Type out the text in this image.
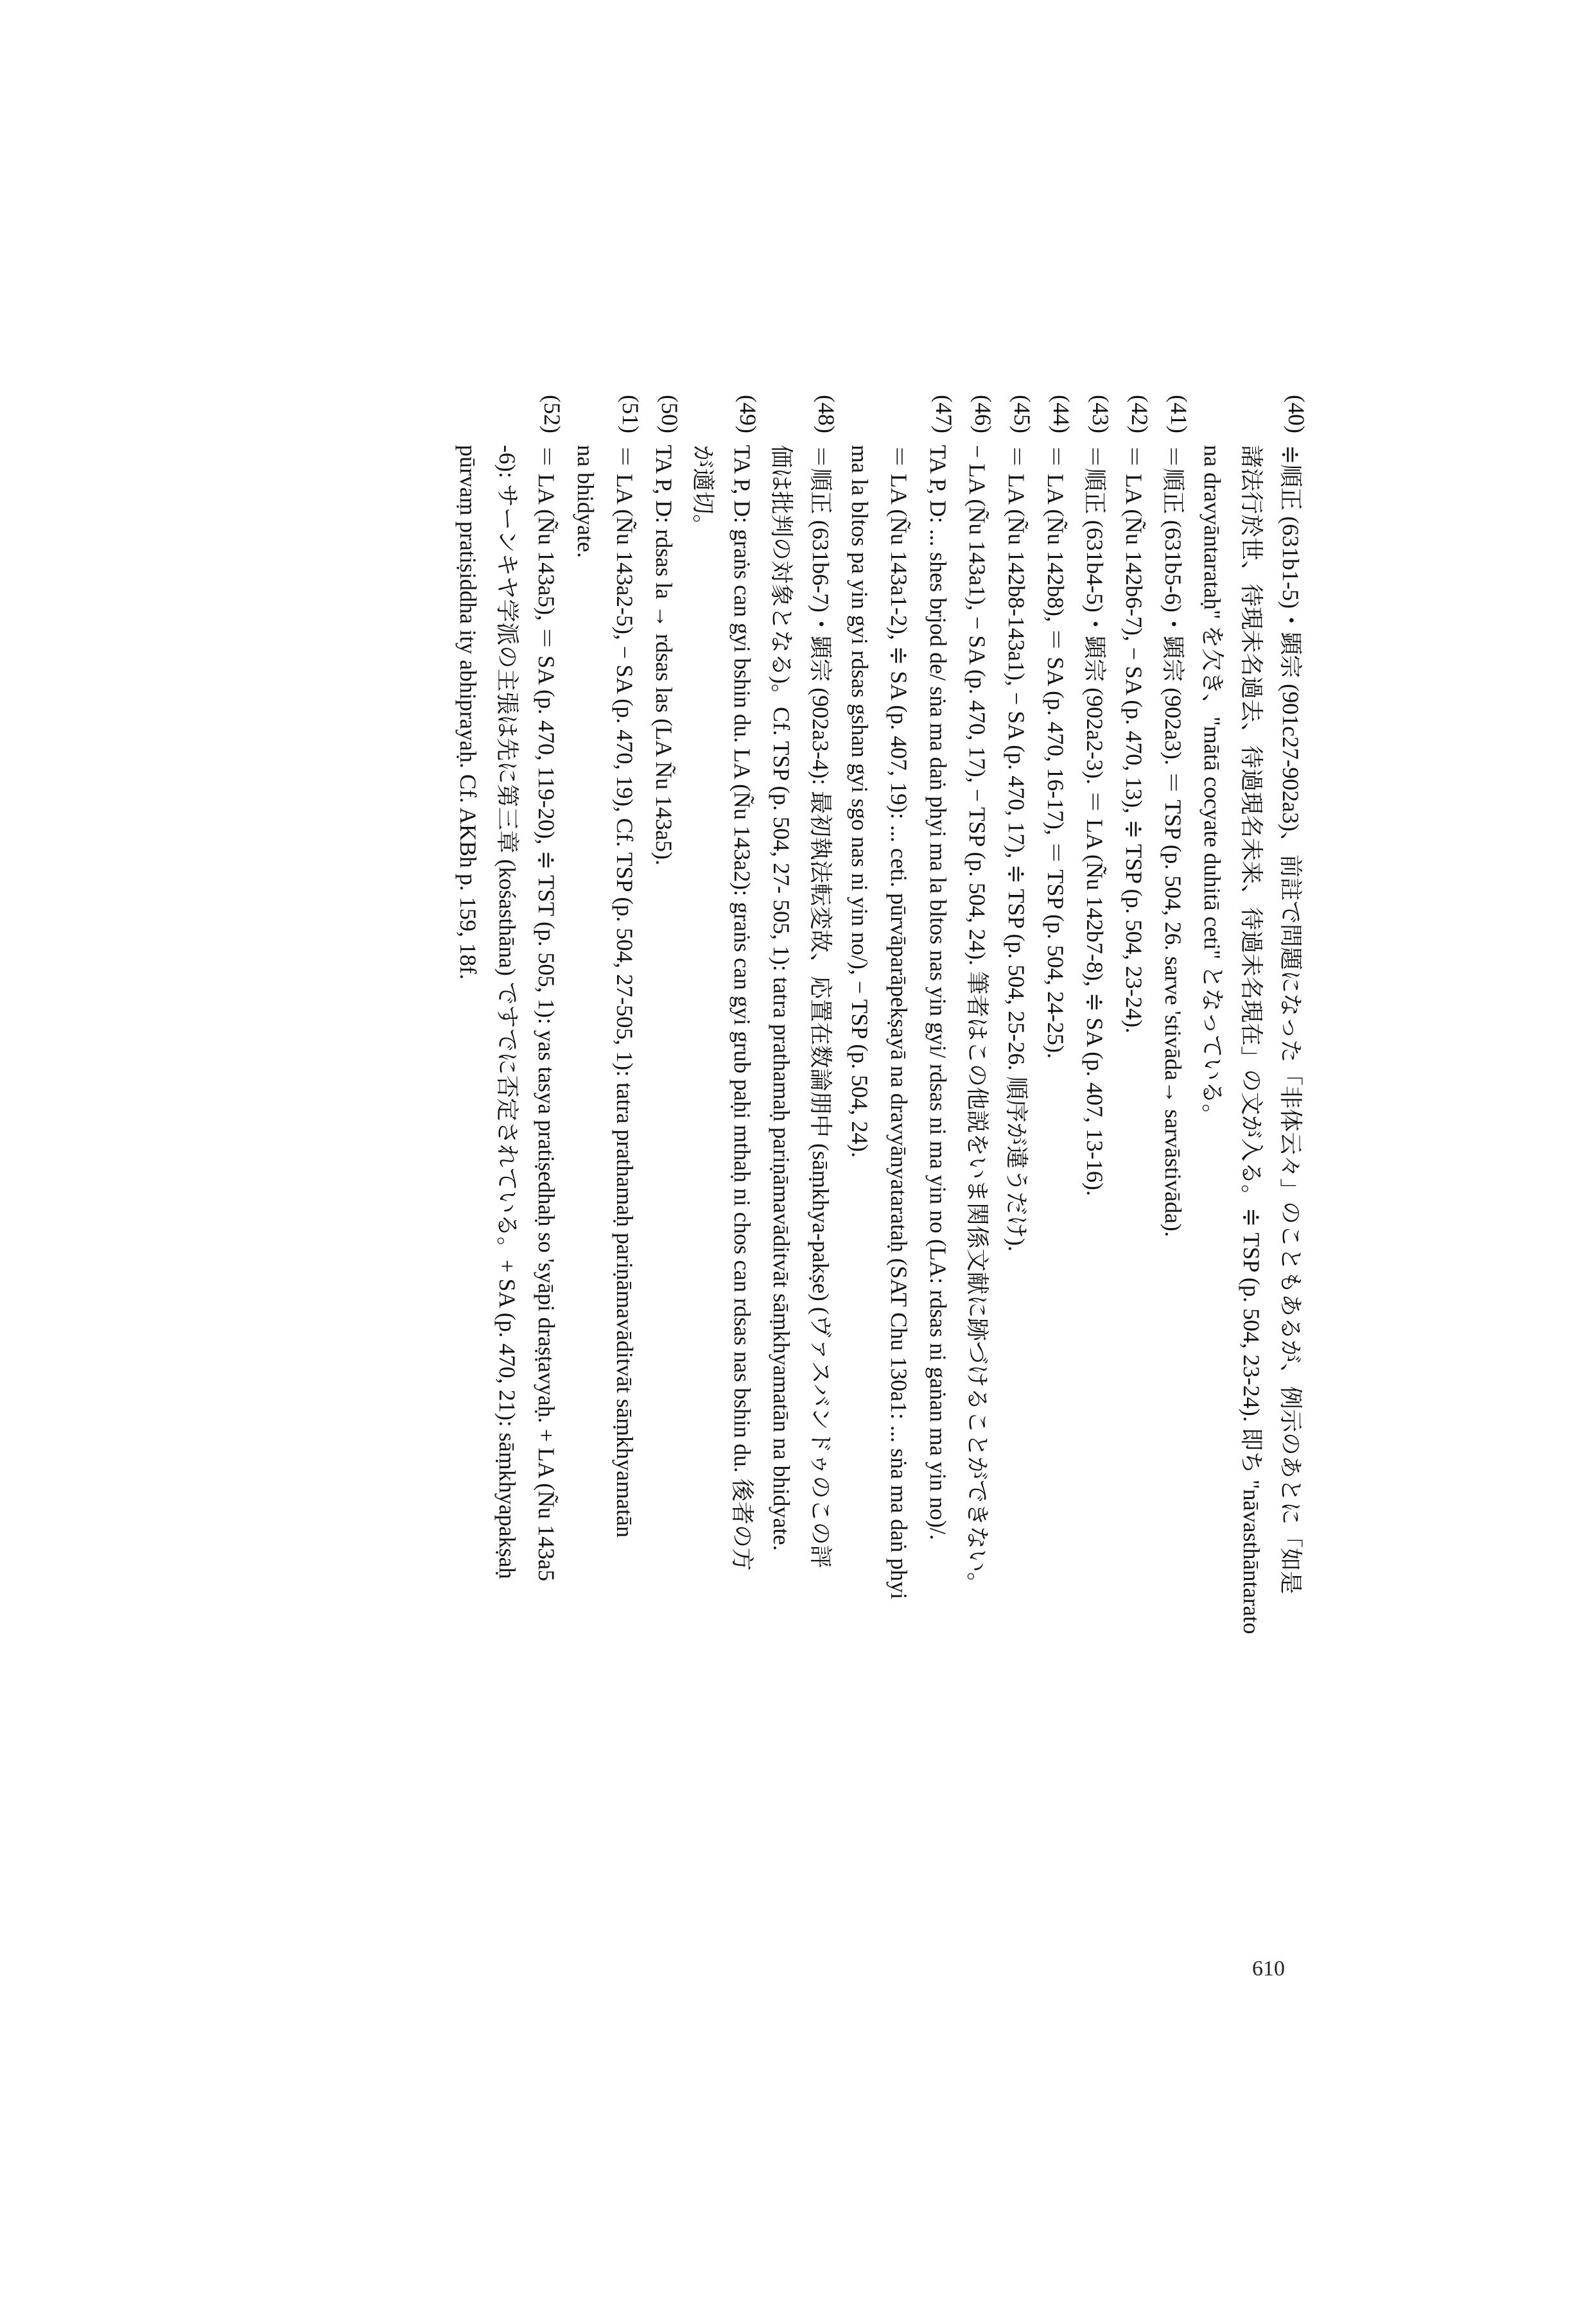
(40)
≑順正 (631b1-5)・顕宗 (901c27-902a3)、前註で問題になった「非体云々」のこともあるが、例示のあとに「如是
諸法行於世、待現未名過去、待過現名未来、待過未名現在」の文が入る。≑ TSP (p. 504, 23-24). 即ち "nāvasthāntarato
na dravyāntarataḥ" を欠き、"mātā cocyate duhitā ceti" となっている。
(41)
＝順正 (631b5-6)・顕宗 (902a3). ＝ TSP (p. 504, 26. sarve 'stivāda→ sarvāstivāda).
(42)
＝ LA (Ñu 142b6-7), − SA (p. 470, 13), ≑ TSP (p. 504, 23-24).
(43)
＝順正 (631b4-5)・顕宗 (902a2-3). ＝ LA (Ñu 142b7-8), ≑ SA (p. 407, 13-16).
(44)
＝ LA (Ñu 142b8), ＝ SA (p. 470, 16-17), ＝ TSP (p. 504, 24-25).
(45)
＝ LA (Ñu 142b8-143a1), − SA (p. 470, 17), ≑ TSP (p. 504, 25-26. 順序が違うだけ).
(46)
− LA (Ñu 143a1), − SA (p. 470, 17), − TSP (p. 504, 24). 筆者はこの他説をいま関係文献に跡づけることができない。
(47)
TA P, D: ... shes brjod de/ sṅa ma daṅ phyi ma la bltos nas yin gyi/ rdsas ni ma yin no (LA: rdsas ni gaṅan ma yin no)/.
＝ LA (Ñu 143a1-2), ≑ SA (p. 407, 19): ... ceti. pūrvāparāpekṣayā na dravyānyatarataḥ (SAT Chu 130a1: ... sṅa ma daṅ phyi
ma la bltos pa yin gyi rdsas gshan gyi sgo nas ni yin no/), − TSP (p. 504, 24).
(48)
＝順正 (631b6-7)・顕宗 (902a3-4): 最初執法転変故、応置在数論朋中 (sāṃkhya-pakṣe) (ヴァスバンドゥのこの評
価は批判の対象となる)。Cf. TSP (p. 504, 27- 505, 1): tatra prathamaḥ pariṇāmavāditvāt sāṃkhyamatān na bhidyate.
(49)
TA P, D: graṅs can gyi bshin du. LA (Ñu 143a2): graṅs can gyi grub paḥi mthaḥ ni chos can rdsas nas bshin du. 後者の方
が適切。
(50)
TA P, D: rdsas la → rdsas las (LA Ñu 143a5).
(51)
＝ LA (Ñu 143a2-5), − SA (p. 470, 19), Cf. TSP (p. 504, 27-505, 1): tatra prathamaḥ pariṇāmavāditvāt sāṃkhyamatān
na bhidyate.
(52)
＝ LA (Ñu 143a5), ＝ SA (p. 470, 119-20), ≑ TST (p. 505, 1): yas tasya pratiṣedhaḥ so 'syāpi draṣṭavyaḥ. + LA (Ñu 143a5
-6): サーンキヤ学派の主張は先に第三章 (kośasthāna) ですでに否定されている。+ SA (p. 470, 21): sāṃkhyapakṣaḥ
pūrvaṃ pratiṣiddha ity abhiprayaḥ. Cf. AKBh p. 159, 18f.
610
